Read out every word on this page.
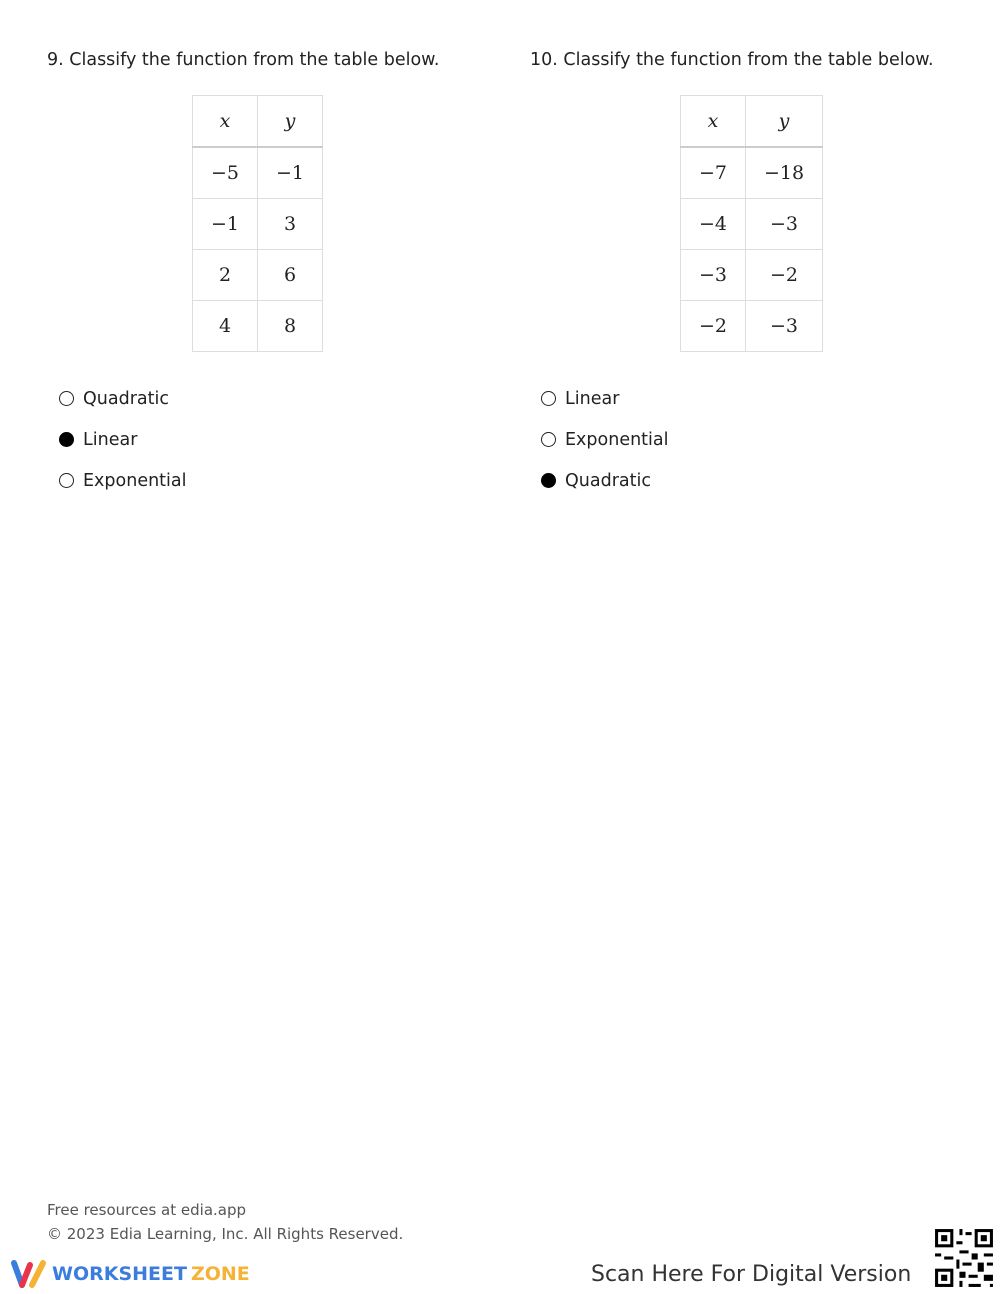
9. Classify the function from the table below.	10. Classify the function from the table below.
x	y
−5	−1
−1	3
2	6
4	8
x	y
−7	−18
−4	−3
−3	−2
−2	−3
Quadratic
Linear
Exponential
Linear
Exponential
Quadratic
Free resources at edia.app
© 2023 Edia Learning, Inc. All Rights Reserved.
WORKSHEET ZONE	Scan Here For Digital Version
